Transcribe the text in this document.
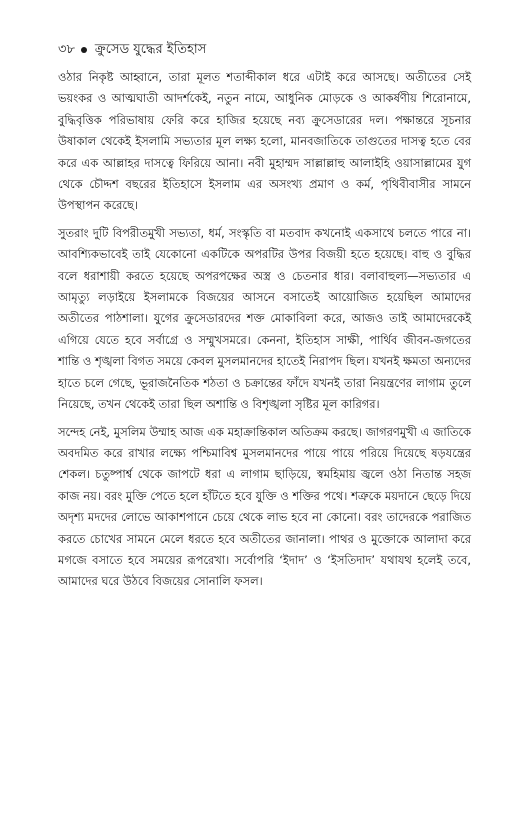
৩৮ ক্রুসেড যুদ্ধের ইতিহাস

ওঠার নিকৃষ্ট আহ্বানে, তারা মূলত শতাব্দীকাল ধরে এটাই করে আসছে। অতীতের সেই ভয়ংকর ও আত্মঘাতী আদর্শকেই, নতুন নামে, আধুনিক মোড়কে ও আকর্ষণীয় শিরোনামে, বুদ্ধিবৃত্তিক পরিভাষায় ফেরি করে হাজির হয়েছে নব্য ক্রুসেডারের দল। পক্ষান্তরে সূচনার উষাকাল থেকেই ইসলামি সভ্যতার মূল লক্ষ্য হলো, মানবজাতিকে তাগুতের দাসত্ব হতে বের করে এক আল্লাহর দাসত্বে ফিরিয়ে আনা। নবী মুহাম্মদ সাল্লাল্লাহু আলাইহি ওয়াসাল্লামের যুগ থেকে চৌদ্দশ বছরের ইতিহাসে ইসলাম এর অসংখ্য প্রমাণ ও কর্ম, পৃথিবীবাসীর সামনে উপস্থাপন করেছে।

সুতরাং দুটি বিপরীতমুখী সভ্যতা, ধর্ম, সংস্কৃতি বা মতবাদ কখনোই একসাথে চলতে পারে না। আবশ্যিকভাবেই তাই যেকোনো একটিকে অপরটির উপর বিজয়ী হতে হয়েছে। বাহু ও বুদ্ধির বলে ধরাশায়ী করতে হয়েছে অপরপক্ষের অস্ত্র ও চেতনার ধার। বলাবাহুল্য—সভ্যতার এ আমৃত্যু লড়াইয়ে ইসলামকে বিজয়ের আসনে বসাতেই আয়োজিত হয়েছিল আমাদের অতীতের পাঠশালা। যুগের ক্রুসেডারদের শক্ত মোকাবিলা করে, আজও তাই আমাদেরকেই এগিয়ে যেতে হবে সর্বাগ্রে ও সম্মুখসমরে। কেননা, ইতিহাস সাক্ষী, পার্থিব জীবন-জগতের শান্তি ও শৃঙ্খলা বিগত সময়ে কেবল মুসলমানদের হাতেই নিরাপদ ছিল। যখনই ক্ষমতা অন্যদের হাতে চলে গেছে, ভূরাজনৈতিক শঠতা ও চক্রান্তের ফাঁদে যখনই তারা নিয়ন্ত্রণের লাগাম তুলে নিয়েছে, তখন থেকেই তারা ছিল অশান্তি ও বিশৃঙ্খলা সৃষ্টির মূল কারিগর।

সন্দেহ নেই, মুসলিম উম্মাহ আজ এক মহাক্রান্তিকাল অতিক্রম করছে। জাগরণমুখী এ জাতিকে অবদমিত করে রাখার লক্ষ্যে পশ্চিমাবিশ্ব মুসলমানদের পায়ে পায়ে পরিয়ে দিয়েছে ষড়যন্ত্রের শেকল। চতুষ্পার্শ্ব থেকে জাপটে ধরা এ লাগাম ছাড়িয়ে, স্বমহিমায় জ্বলে ওঠা নিতান্ত সহজ কাজ নয়। বরং মুক্তি পেতে হলে হাঁটতে হবে যুক্তি ও শক্তির পথে। শত্রুকে ময়দানে ছেড়ে দিয়ে অদৃশ্য মদদের লোভে আকাশপানে চেয়ে থেকে লাভ হবে না কোনো। বরং তাদেরকে পরাজিত করতে চোখের সামনে মেলে ধরতে হবে অতীতের জানালা। পাথর ও মুক্তোকে আলাদা করে মগজে বসাতে হবে সময়ের রূপরেখা। সর্বোপরি ‘ইদাদ’ ও ‘ইসতিদাদ’ যথাযথ হলেই তবে, আমাদের ঘরে উঠবে বিজয়ের সোনালি ফসল।
